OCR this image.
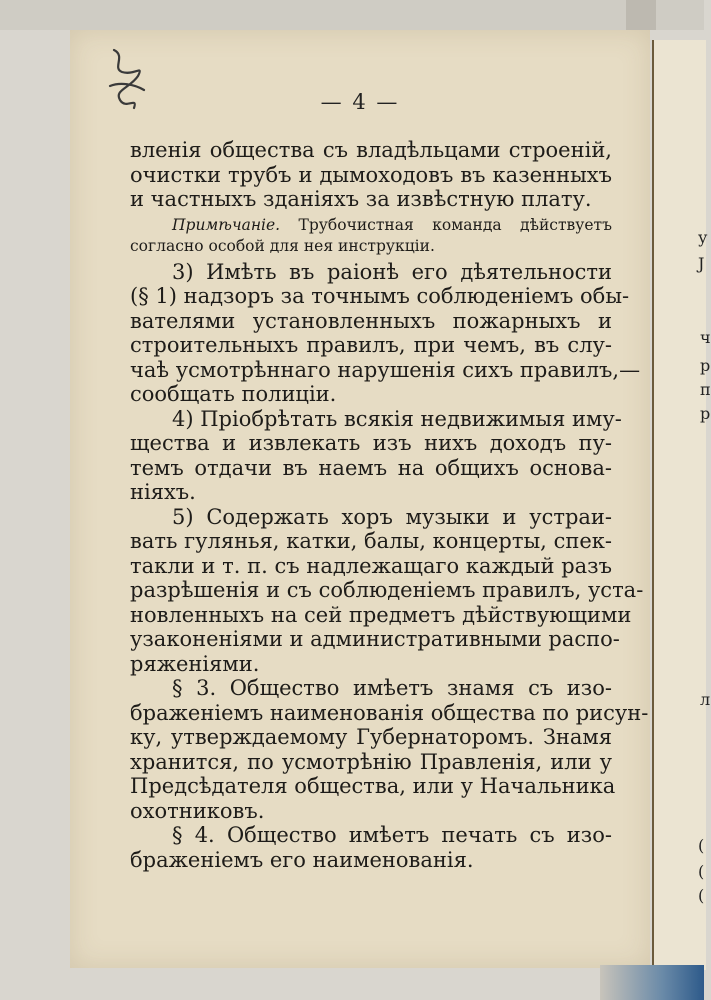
у
Ј
ч
р
п
р
л
(
(
(
— 4 —
вленія общества съ владѣльцами строеній,
очистки трубъ и дымоходовъ въ казенныхъ
и частныхъ зданіяхъ за извѣстную плату.
Примѣчаніе. Трубочистная команда дѣйствуетъ
согласно особой для нея инструкціи.
3) Имѣть въ раіонѣ его дѣятельности
(§ 1) надзоръ за точнымъ соблюденіемъ обы-
вателями установленныхъ пожарныхъ и
строительныхъ правилъ, при чемъ, въ слу-
чаѣ усмотрѣннаго нарушенія сихъ правилъ,—
сообщать полиціи.
4) Пріобрѣтать всякія недвижимыя иму-
щества и извлекать изъ нихъ доходъ пу-
темъ отдачи въ наемъ на общихъ основа-
ніяхъ.
5) Содержать хоръ музыки и устраи-
вать гулянья, катки, балы, концерты, спек-
такли и т. п. съ надлежащаго каждый разъ
разрѣшенія и съ соблюденіемъ правилъ, уста-
новленныхъ на сей предметъ дѣйствующими
узаконеніями и административными распо-
ряженіями.
§ 3. Общество имѣетъ знамя съ изо-
браженіемъ наименованія общества по рисун-
ку, утверждаемому Губернаторомъ. Знамя
хранится, по усмотрѣнію Правленія, или у
Предсѣдателя общества, или у Начальника
охотниковъ.
§ 4. Общество имѣетъ печать съ изо-
браженіемъ его наименованія.
